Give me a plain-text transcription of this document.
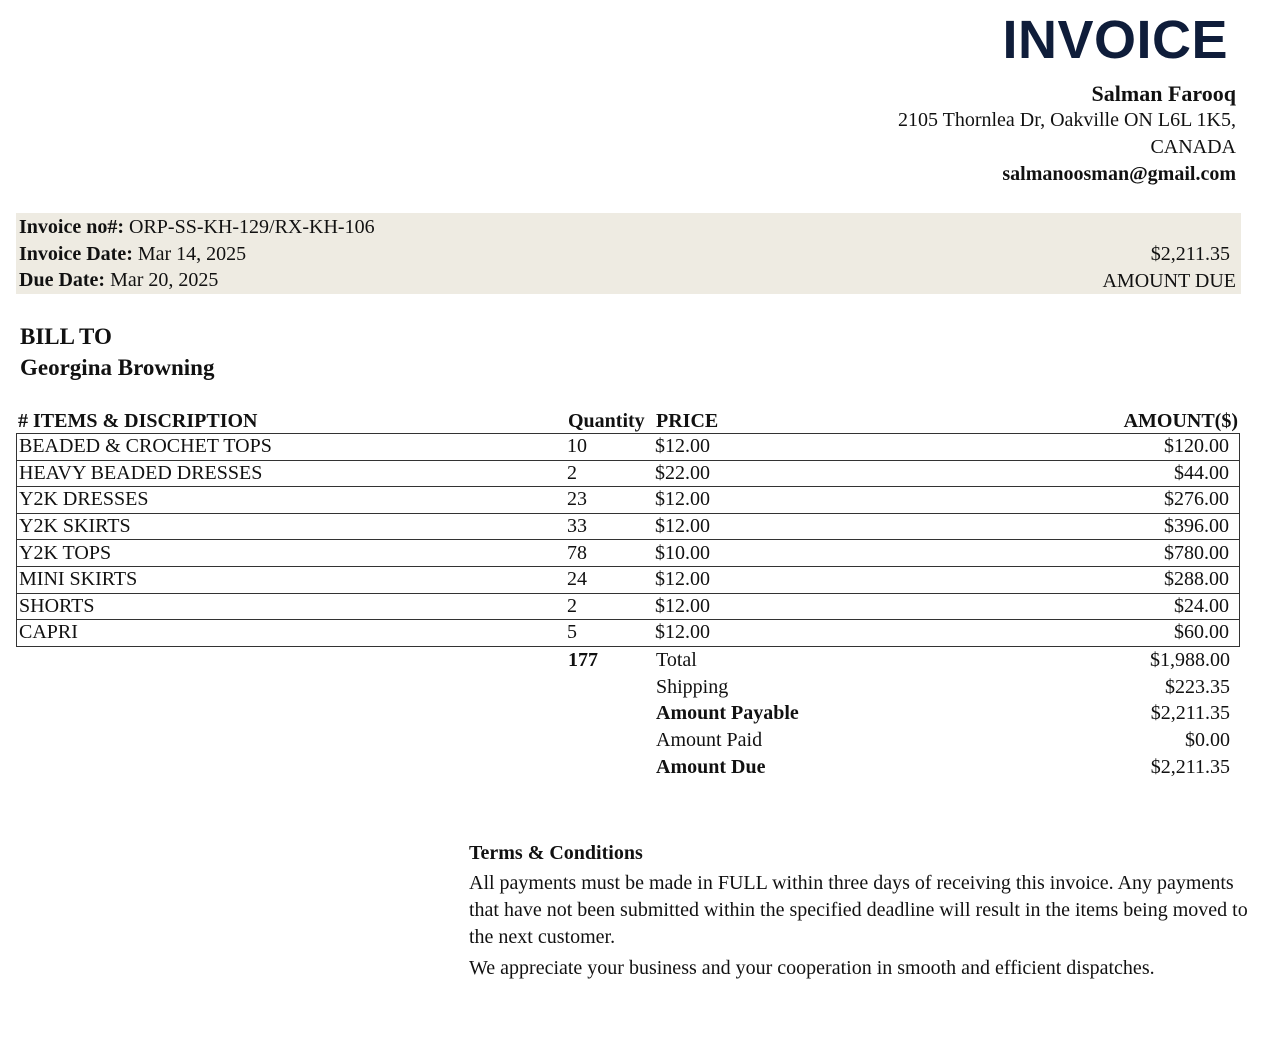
INVOICE
Salman Farooq
2105 Thornlea Dr, Oakville ON L6L 1K5,
CANADA
salmanoosman@gmail.com
Invoice no#: ORP-SS-KH-129/RX-KH-106
Invoice Date: Mar 14, 2025
Due Date: Mar 20, 2025
$2,211.35
AMOUNT DUE
BILL TO
Georgina Browning
# ITEMS & DISCRIPTION	Quantity PRICE	AMOUNT($)
BEADED & CROCHET TOPS	10	$12.00	$120.00
HEAVY BEADED DRESSES	2	$22.00	$44.00
Y2K DRESSES	23	$12.00	$276.00
Y2K SKIRTS	33	$12.00	$396.00
Y2K TOPS	78	$10.00	$780.00
MINI SKIRTS	24	$12.00	$288.00
SHORTS	2	$12.00	$24.00
CAPRI	5	$12.00	$60.00
177	Total	$1,988.00
Shipping	$223.35
Amount Payable	$2,211.35
Amount Paid	$0.00
Amount Due	$2,211.35
Terms & Conditions

All payments must be made in FULL within three days of receiving this invoice. Any payments that have not been submitted within the specified deadline will result in the items being moved to the next customer.

We appreciate your business and your cooperation in smooth and efficient dispatches.
